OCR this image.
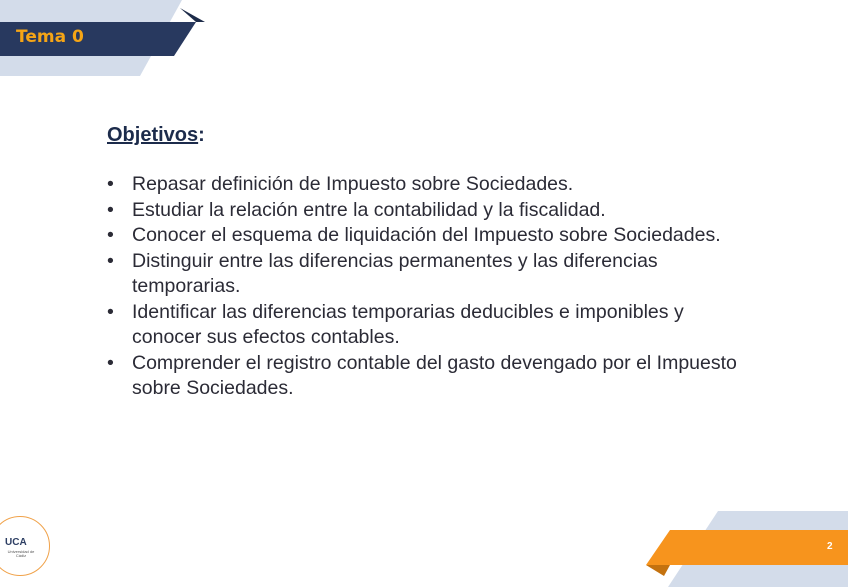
Tema 0
Objetivos:
• Repasar definición de Impuesto sobre Sociedades.
• Estudiar la relación entre la contabilidad y la fiscalidad.
• Conocer el esquema de liquidación del Impuesto sobre Sociedades.
• Distinguir entre las diferencias permanentes y las diferencias temporarias.
• Identificar las diferencias temporarias deducibles e imponibles y conocer sus efectos contables.
• Comprender el registro contable del gasto devengado por el Impuesto sobre Sociedades.
UCA
Universidad de Cádiz
2
